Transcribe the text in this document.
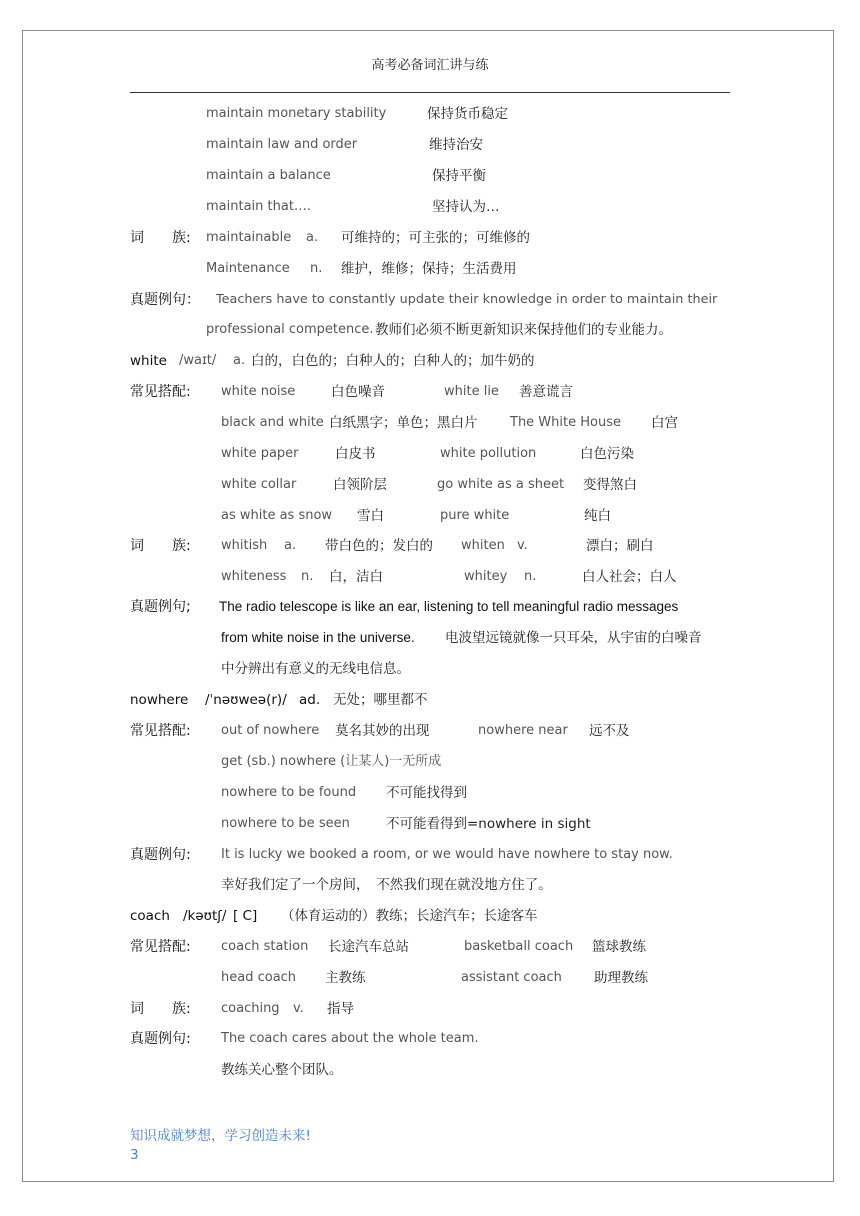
高考必备词汇讲与练
maintain monetary stability	保持货币稳定
maintain law and order	维持治安
maintain a balance	保持平衡
maintain that….	坚持认为…
词　　族: maintainable a. 可维持的；可主张的；可维修的
Maintenance n. 维护，维修；保持；生活费用
真题例句： Teachers have to constantly update their knowledge in order to maintain their
professional competence. 教师们必须不断更新知识来保持他们的专业能力。
white /waɪt/ a. 白的，白色的；白种人的；白种人的；加牛奶的
常见搭配: white noise	白色噪音	white lie 善意谎言
black and white 白纸黑字；单色；黑白片	The White House 白宫
white paper	白皮书	white pollution	白色污染
white collar	白领阶层	go white as a sheet 变得煞白
as white as snow 雪白	pure white	纯白
词　　族: whitish a. 带白色的；发白的 whiten v.	漂白；刷白
whiteness n. 白，洁白	whitey n.	白人社会；白人
真题例句; The radio telescope is like an ear, listening to tell meaningful radio messages
from white noise in the universe. 电波望远镜就像一只耳朵，从宇宙的白噪音
中分辨出有意义的无线电信息。
nowhere /ˈnəʊweə(r)/ ad. 无处；哪里都不
常见搭配: out of nowhere 莫名其妙的出现	nowhere near 远不及
get (sb.) nowhere (让某人)一无所成
nowhere to be found 不可能找得到
nowhere to be seen	不可能看得到=nowhere in sight
真题例句: It is lucky we booked a room, or we would have nowhere to stay now.
幸好我们定了一个房间，　不然我们现在就没地方住了。
coach /kəʊtʃ/ [ C] （体育运动的）教练；长途汽车；长途客车
常见搭配: coach station 长途汽车总站	basketball coach 篮球教练
head coach 主教练	assistant coach 助理教练
词　　族: coaching v. 指导
真题例句: The coach cares about the whole team.
教练关心整个团队。
知识成就梦想，学习创造未来!
3
